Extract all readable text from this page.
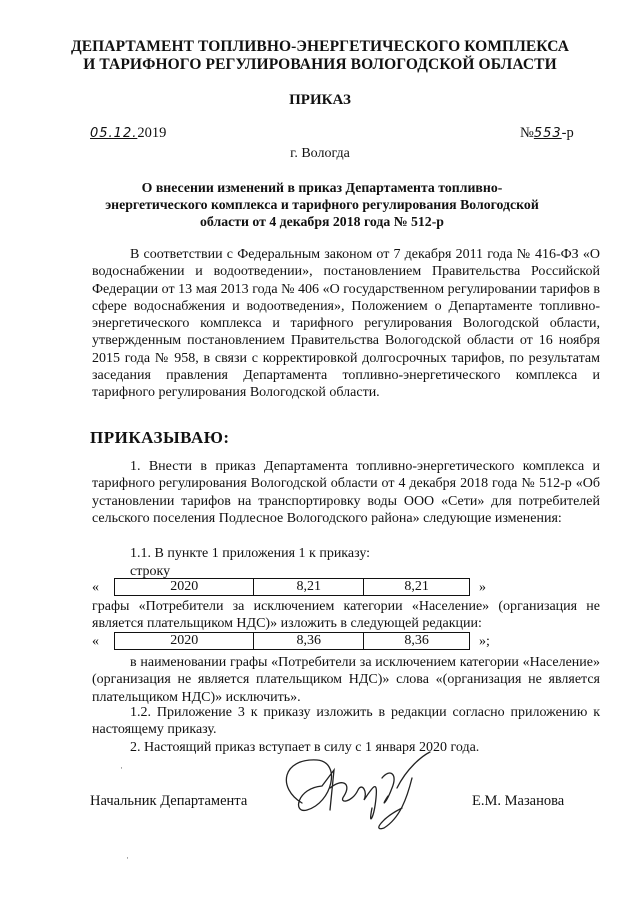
ДЕПАРТАМЕНТ ТОПЛИВНО-ЭНЕРГЕТИЧЕСКОГО КОМПЛЕКСА
И ТАРИФНОГО РЕГУЛИРОВАНИЯ ВОЛОГОДСКОЙ ОБЛАСТИ
ПРИКАЗ
05.12.2019	№553-р
г. Вологда
О внесении изменений в приказ Департамента топливно-
энергетического комплекса и тарифного регулирования Вологодской
области от 4 декабря 2018 года № 512-р
В соответствии с Федеральным законом от 7 декабря 2011 года № 416-ФЗ «О водоснабжении и водоотведении», постановлением Правительства Российской Федерации от 13 мая 2013 года № 406 «О государственном регулировании тарифов в сфере водоснабжения и водоотведения», Положением о Департаменте топливно-энергетического комплекса и тарифного регулирования Вологодской области, утвержденным постановлением Правительства Вологодской области от 16 ноября 2015 года № 958, в связи с корректировкой долгосрочных тарифов, по результатам заседания правления Департамента топливно-энергетического комплекса и тарифного регулирования Вологодской области.
ПРИКАЗЫВАЮ:
1. Внести в приказ Департамента топливно-энергетического комплекса и тарифного регулирования Вологодской области от 4 декабря 2018 года № 512-р «Об установлении тарифов на транспортировку воды ООО «Сети» для потребителей сельского поселения Подлесное Вологодского района» следующие изменения:
1.1. В пункте 1 приложения 1 к приказу:
строку
«	2020	8,21	8,21	»
графы «Потребители за исключением категории «Население» (организация не является плательщиком НДС)» изложить в следующей редакции:
«	2020	8,36	8,36	»;
в наименовании графы «Потребители за исключением категории «Население» (организация не является плательщиком НДС)» слова «(организация не является плательщиком НДС)» исключить».
1.2. Приложение 3 к приказу изложить в редакции согласно приложению к настоящему приказу.
2. Настоящий приказ вступает в силу с 1 января 2020 года.
Начальник Департамента	Е.М. Мазанова
·
·
